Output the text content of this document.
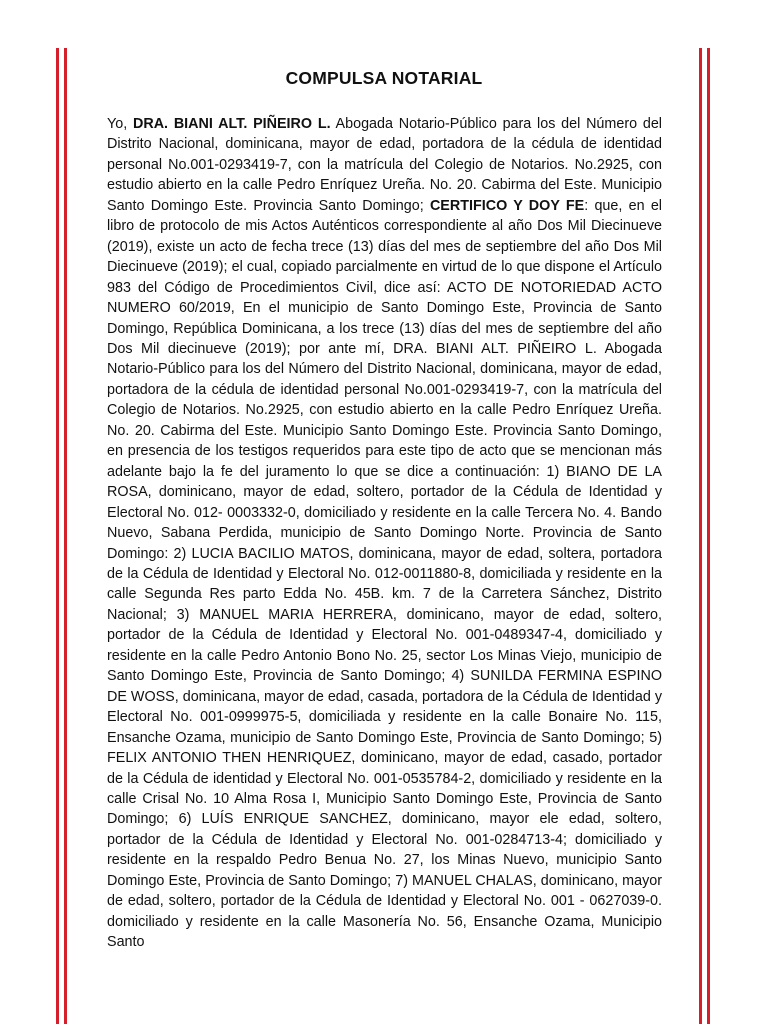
COMPULSA NOTARIAL

Yo, DRA. BIANI ALT. PIÑEIRO L. Abogada Notario-Público para los del Número del Distrito Nacional, dominicana, mayor de edad, portadora de la cédula de identidad personal No.001-0293419-7, con la matrícula del Colegio de Notarios. No.2925, con estudio abierto en la calle Pedro Enríquez Ureña. No. 20. Cabirma del Este. Municipio Santo Domingo Este. Provincia Santo Domingo; CERTIFICO Y DOY FE: que, en el libro de protocolo de mis Actos Auténticos correspondiente al año Dos Mil Diecinueve (2019), existe un acto de fecha trece (13) días del mes de septiembre del año Dos Mil Diecinueve (2019); el cual, copiado parcialmente en virtud de lo que dispone el Artículo 983 del Código de Procedimientos Civil, dice así: ACTO DE NOTORIEDAD ACTO NUMERO 60/2019, En el municipio de Santo Domingo Este, Provincia de Santo Domingo, República Dominicana, a los trece (13) días del mes de septiembre del año Dos Mil diecinueve (2019); por ante mí, DRA. BIANI ALT. PIÑEIRO L. Abogada Notario-Público para los del Número del Distrito Nacional, dominicana, mayor de edad, portadora de la cédula de identidad personal No.001-0293419-7, con la matrícula del Colegio de Notarios. No.2925, con estudio abierto en la calle Pedro Enríquez Ureña. No. 20. Cabirma del Este. Municipio Santo Domingo Este. Provincia Santo Domingo, en presencia de los testigos requeridos para este tipo de acto que se mencionan más adelante bajo la fe del juramento lo que se dice a continuación: 1) BIANO DE LA ROSA, dominicano, mayor de edad, soltero, portador de la Cédula de Identidad y Electoral No. 012- 0003332-0, domiciliado y residente en la calle Tercera No. 4. Bando Nuevo, Sabana Perdida, municipio de Santo Domingo Norte. Provincia de Santo Domingo: 2) LUCIA BACILIO MATOS, dominicana, mayor de edad, soltera, portadora de la Cédula de Identidad y Electoral No. 012-0011880-8, domiciliada y residente en la calle Segunda Res parto Edda No. 45B. km. 7 de la Carretera Sánchez, Distrito Nacional; 3) MANUEL MARIA HERRERA, dominicano, mayor de edad, soltero, portador de la Cédula de Identidad y Electoral No. 001-0489347-4, domiciliado y residente en la calle Pedro Antonio Bono No. 25, sector Los Minas Viejo, municipio de Santo Domingo Este, Provincia de Santo Domingo; 4) SUNILDA FERMINA ESPINO DE WOSS, dominicana, mayor de edad, casada, portadora de la Cédula de Identidad y Electoral No. 001-0999975-5, domiciliada y residente en la calle Bonaire No. 115, Ensanche Ozama, municipio de Santo Domingo Este, Provincia de Santo Domingo; 5) FELIX ANTONIO THEN HENRIQUEZ, dominicano, mayor de edad, casado, portador de la Cédula de identidad y Electoral No. 001-0535784-2, domiciliado y residente en la calle Crisal No. 10 Alma Rosa I, Municipio Santo Domingo Este, Provincia de Santo Domingo; 6) LUÍS ENRIQUE SANCHEZ, dominicano, mayor ele edad, soltero, portador de la Cédula de Identidad y Electoral No. 001-0284713-4; domiciliado y residente en la respaldo Pedro Benua No. 27, los Minas Nuevo, municipio Santo Domingo Este, Provincia de Santo Domingo; 7) MANUEL CHALAS, dominicano, mayor de edad, soltero, portador de la Cédula de Identidad y Electoral No. 001 - 0627039-0. domiciliado y residente en la calle Masonería No. 56, Ensanche Ozama, Municipio Santo
